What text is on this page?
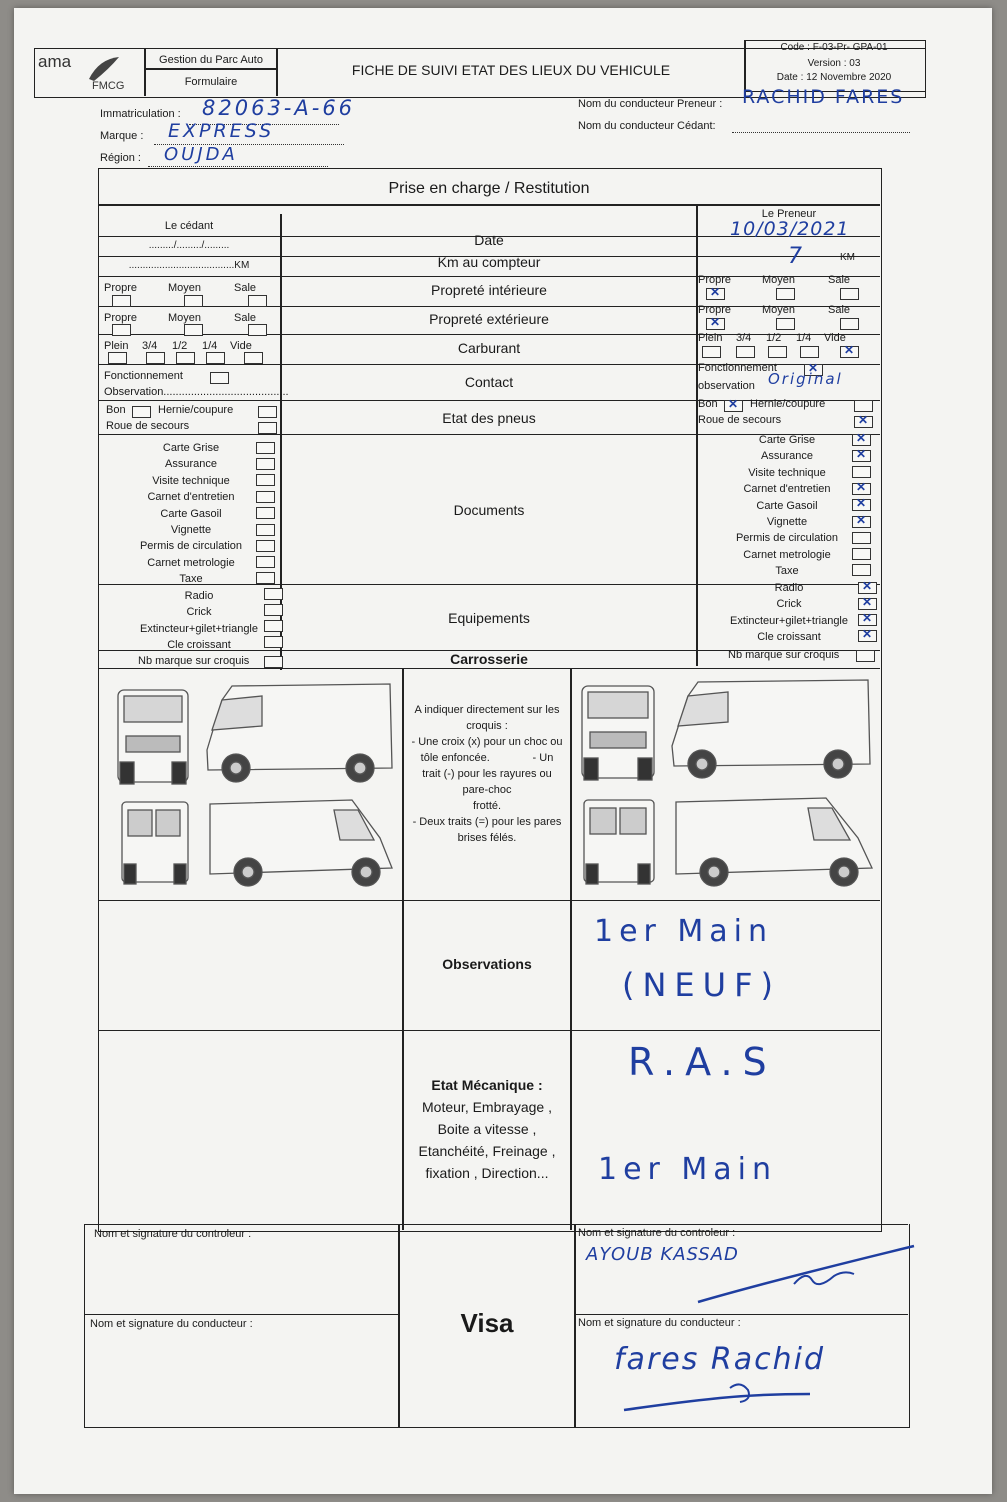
ama
FMCG
Gestion du Parc Auto
Formulaire
FICHE DE SUIVI ETAT DES LIEUX DU VEHICULE
Code : F-03-Pr- GPA-01
Version : 03
Date : 12 Novembre 2020
Immatriculation : 82063-A-66
Marque : EXPRESS
Région : OUJDA
Nom du conducteur Preneur : RACHID FARES
Nom du conducteur Cédant:
Prise en charge / Restitution
Le cédant
Le Preneur
........./........./.........	Date	10/03/2021
......................................KM	Km au compteur	7	KM
Propre	Moyen	Sale	Propreté intérieure
Propre	Moyen	Sale
✕
Propre	Moyen	Sale	Propreté extérieure
Propre	Moyen	Sale
✕
Plein 3/4 1/2 1/4 Vide	Carburant
Plein 3/4 1/2 1/4 Vide
✕
Fonctionnement
Observation.........................................
Contact
Fonctionnement
✕
observation Original
Bon	Hernie/coupure
Roue de secours	Etat des pneus
Bon
✕	Hernie/coupure
Roue de secours
✕
Carte Grise
Assurance
Visite technique
Carnet d'entretien
Carte Gasoil
Vignette
Permis de circulation
Carnet metrologie
Taxe
Documents
Carte Grise
Assurance
Visite technique
Carnet d'entretien
Carte Gasoil
Vignette
Permis de circulation
Carnet metrologie
Taxe
✕
✕
✕
✕
✕
Radio
Crick
Extincteur+gilet+triangle
Cle croissant
Equipements
Radio
Crick
Extincteur+gilet+triangle
Cle croissant
✕
✕
✕
✕
Nb marque sur croquis	Carrosserie	Nb marque sur croquis
A indiquer directement sur les
croquis :
- Une croix (x) pour un choc ou
tôle enfoncée.              - Un
trait (-) pour les rayures ou
pare-choc
frotté.
- Deux traits (=) pour les pares
brises félés.
Observations
1er Main
(NEUF)
Etat Mécanique :
Moteur, Embrayage ,
Boite a vitesse ,
Etanchéité, Freinage ,
fixation , Direction...
R.A.S
1er Main
Nom et signature du controleur :
Nom et signature du conducteur :	Visa
Nom et signature du controleur :
AYOUB KASSAD
Nom et signature du conducteur :
fares Rachid
